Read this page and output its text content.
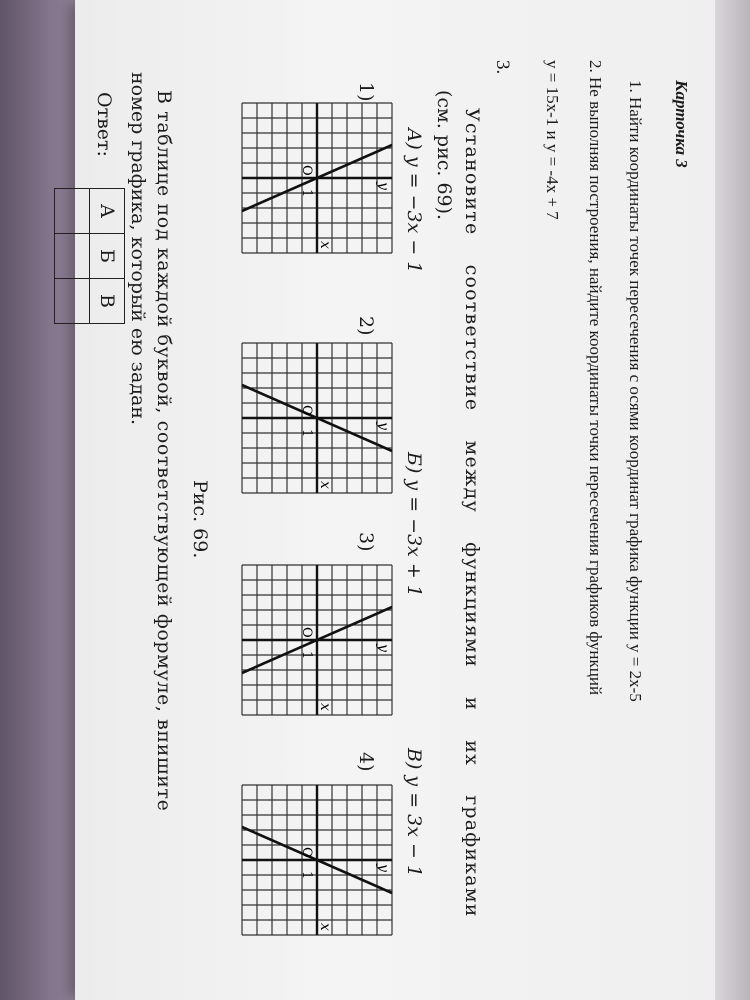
Карточка 3
1. Найти координаты точек пересечения с осями координат графика функции y = 2x-5
2. Не выполняя построения, найдите координаты точки пересечения графиков функций
y = 15x-1 и y = -4x + 7
3.
Установите соответствие между функциями и их графиками
(см. рис. 69).
А) y = −3x − 1
Б) y = −3x + 1
В) y = 3x − 1
y
x
1
O
y
x
1
O
y
x
1
O
y
x
1
O
1)
2)
3)
4)
Рис. 69.
В таблице под каждой буквой, соответствующей формуле, впишите
номер графика, который ею задан.
Ответ:
А	Б	В
